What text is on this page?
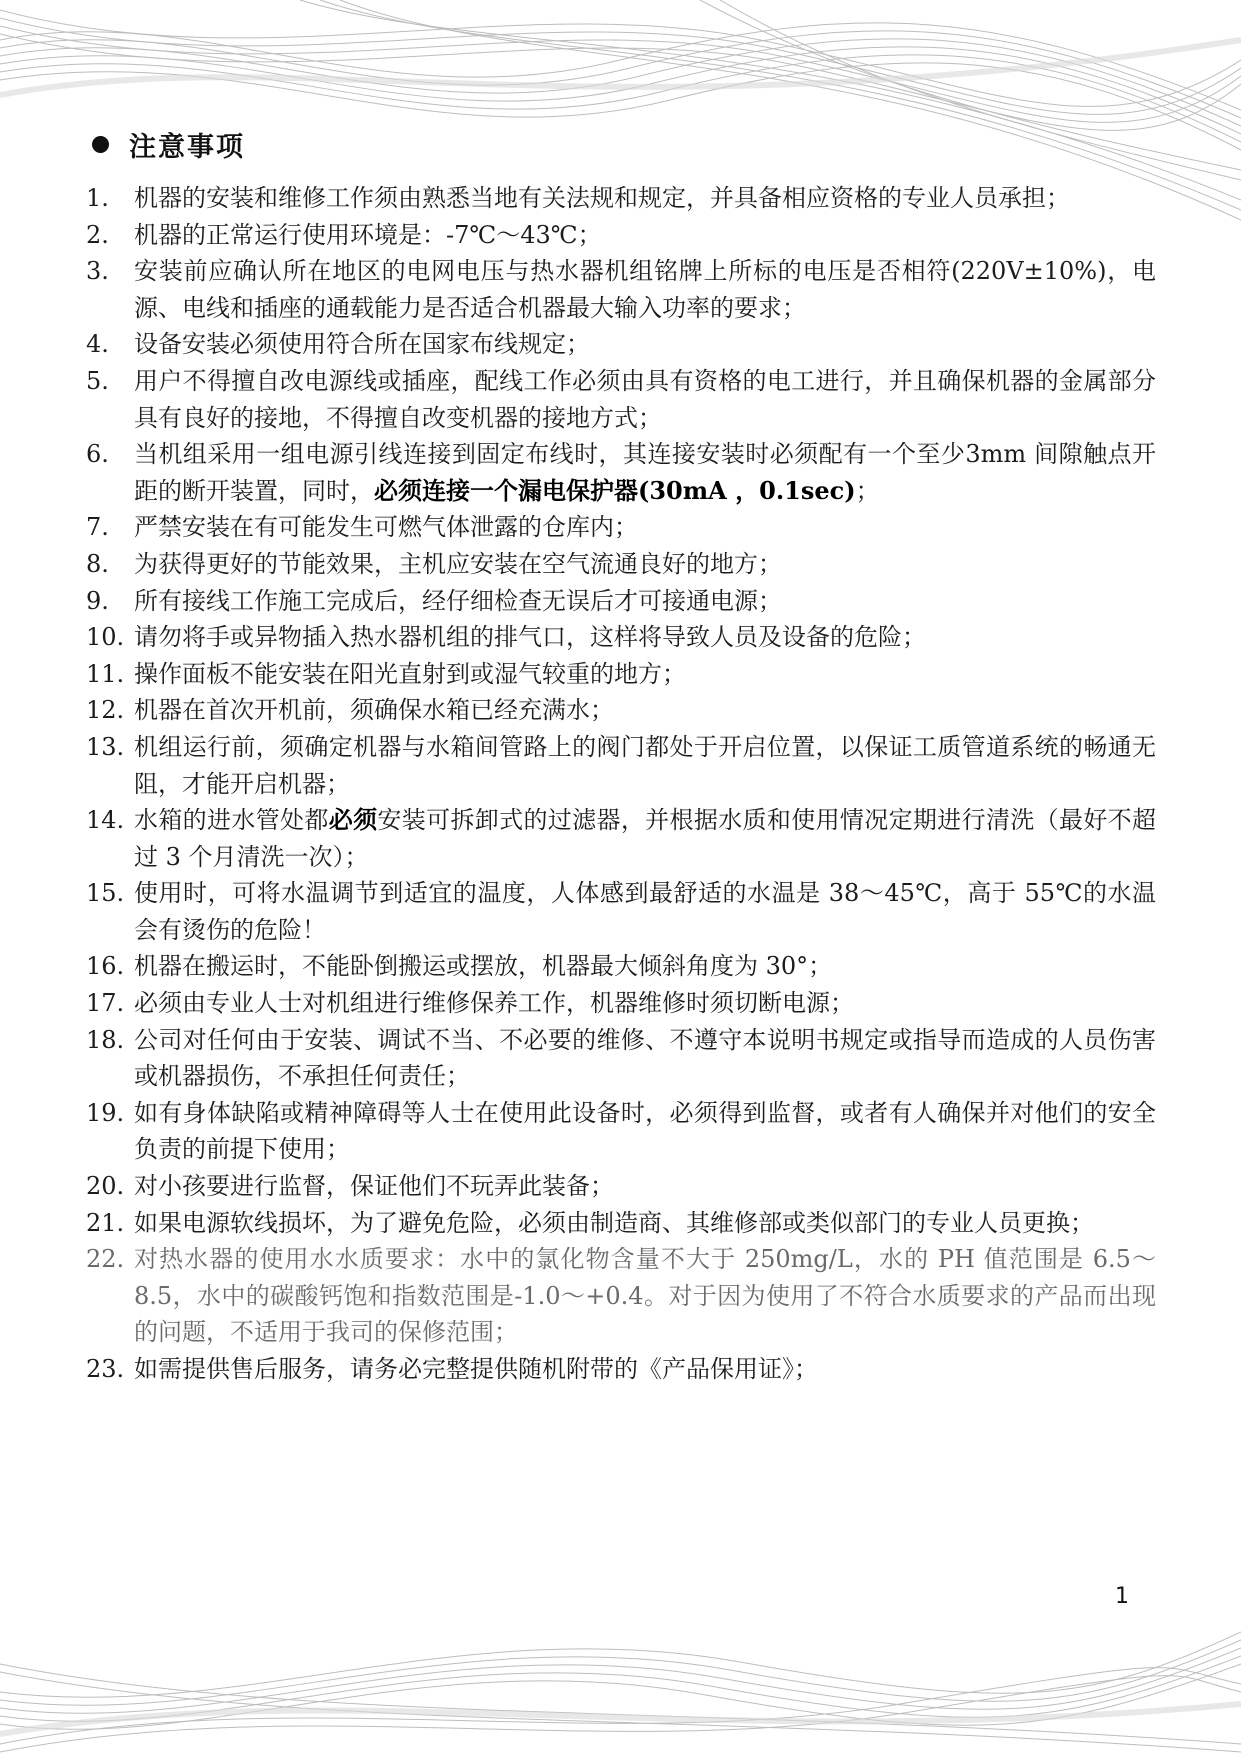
注意事项
1.	机器的安装和维修工作须由熟悉当地有关法规和规定，并具备相应资格的专业人员承担；
2.	机器的正常运行使用环境是：-7℃～43℃；
3.	安装前应确认所在地区的电网电压与热水器机组铭牌上所标的电压是否相符(220V±10%)，电源、电线和插座的通载能力是否适合机器最大输入功率的要求；
4.	设备安装必须使用符合所在国家布线规定；
5.	用户不得擅自改电源线或插座，配线工作必须由具有资格的电工进行，并且确保机器的金属部分具有良好的接地，不得擅自改变机器的接地方式；
6.	当机组采用一组电源引线连接到固定布线时，其连接安装时必须配有一个至少3mm 间隙触点开距的断开装置，同时，必须连接一个漏电保护器(30mA ，0.1sec)；
7.	严禁安装在有可能发生可燃气体泄露的仓库内；
8.	为获得更好的节能效果，主机应安装在空气流通良好的地方；
9.	所有接线工作施工完成后，经仔细检查无误后才可接通电源；
10. 请勿将手或异物插入热水器机组的排气口，这样将导致人员及设备的危险；
11. 操作面板不能安装在阳光直射到或湿气较重的地方；
12. 机器在首次开机前，须确保水箱已经充满水；
13. 机组运行前，须确定机器与水箱间管路上的阀门都处于开启位置，以保证工质管道系统的畅通无阻，才能开启机器；
14. 水箱的进水管处都必须安装可拆卸式的过滤器，并根据水质和使用情况定期进行清洗（最好不超过 3 个月清洗一次）；
15. 使用时，可将水温调节到适宜的温度，人体感到最舒适的水温是 38～45℃，高于 55℃的水温会有烫伤的危险！
16. 机器在搬运时，不能卧倒搬运或摆放，机器最大倾斜角度为 30°；
17. 必须由专业人士对机组进行维修保养工作，机器维修时须切断电源；
18. 公司对任何由于安装、调试不当、不必要的维修、不遵守本说明书规定或指导而造成的人员伤害或机器损伤，不承担任何责任；
19. 如有身体缺陷或精神障碍等人士在使用此设备时，必须得到监督，或者有人确保并对他们的安全负责的前提下使用；
20. 对小孩要进行监督，保证他们不玩弄此装备；
21. 如果电源软线损坏，为了避免危险，必须由制造商、其维修部或类似部门的专业人员更换；
22. 对热水器的使用水水质要求：水中的氯化物含量不大于 250mg/L，水的 PH 值范围是 6.5～8.5，水中的碳酸钙饱和指数范围是-1.0～+0.4。对于因为使用了不符合水质要求的产品而出现的问题，不适用于我司的保修范围；
23. 如需提供售后服务，请务必完整提供随机附带的《产品保用证》；
1
